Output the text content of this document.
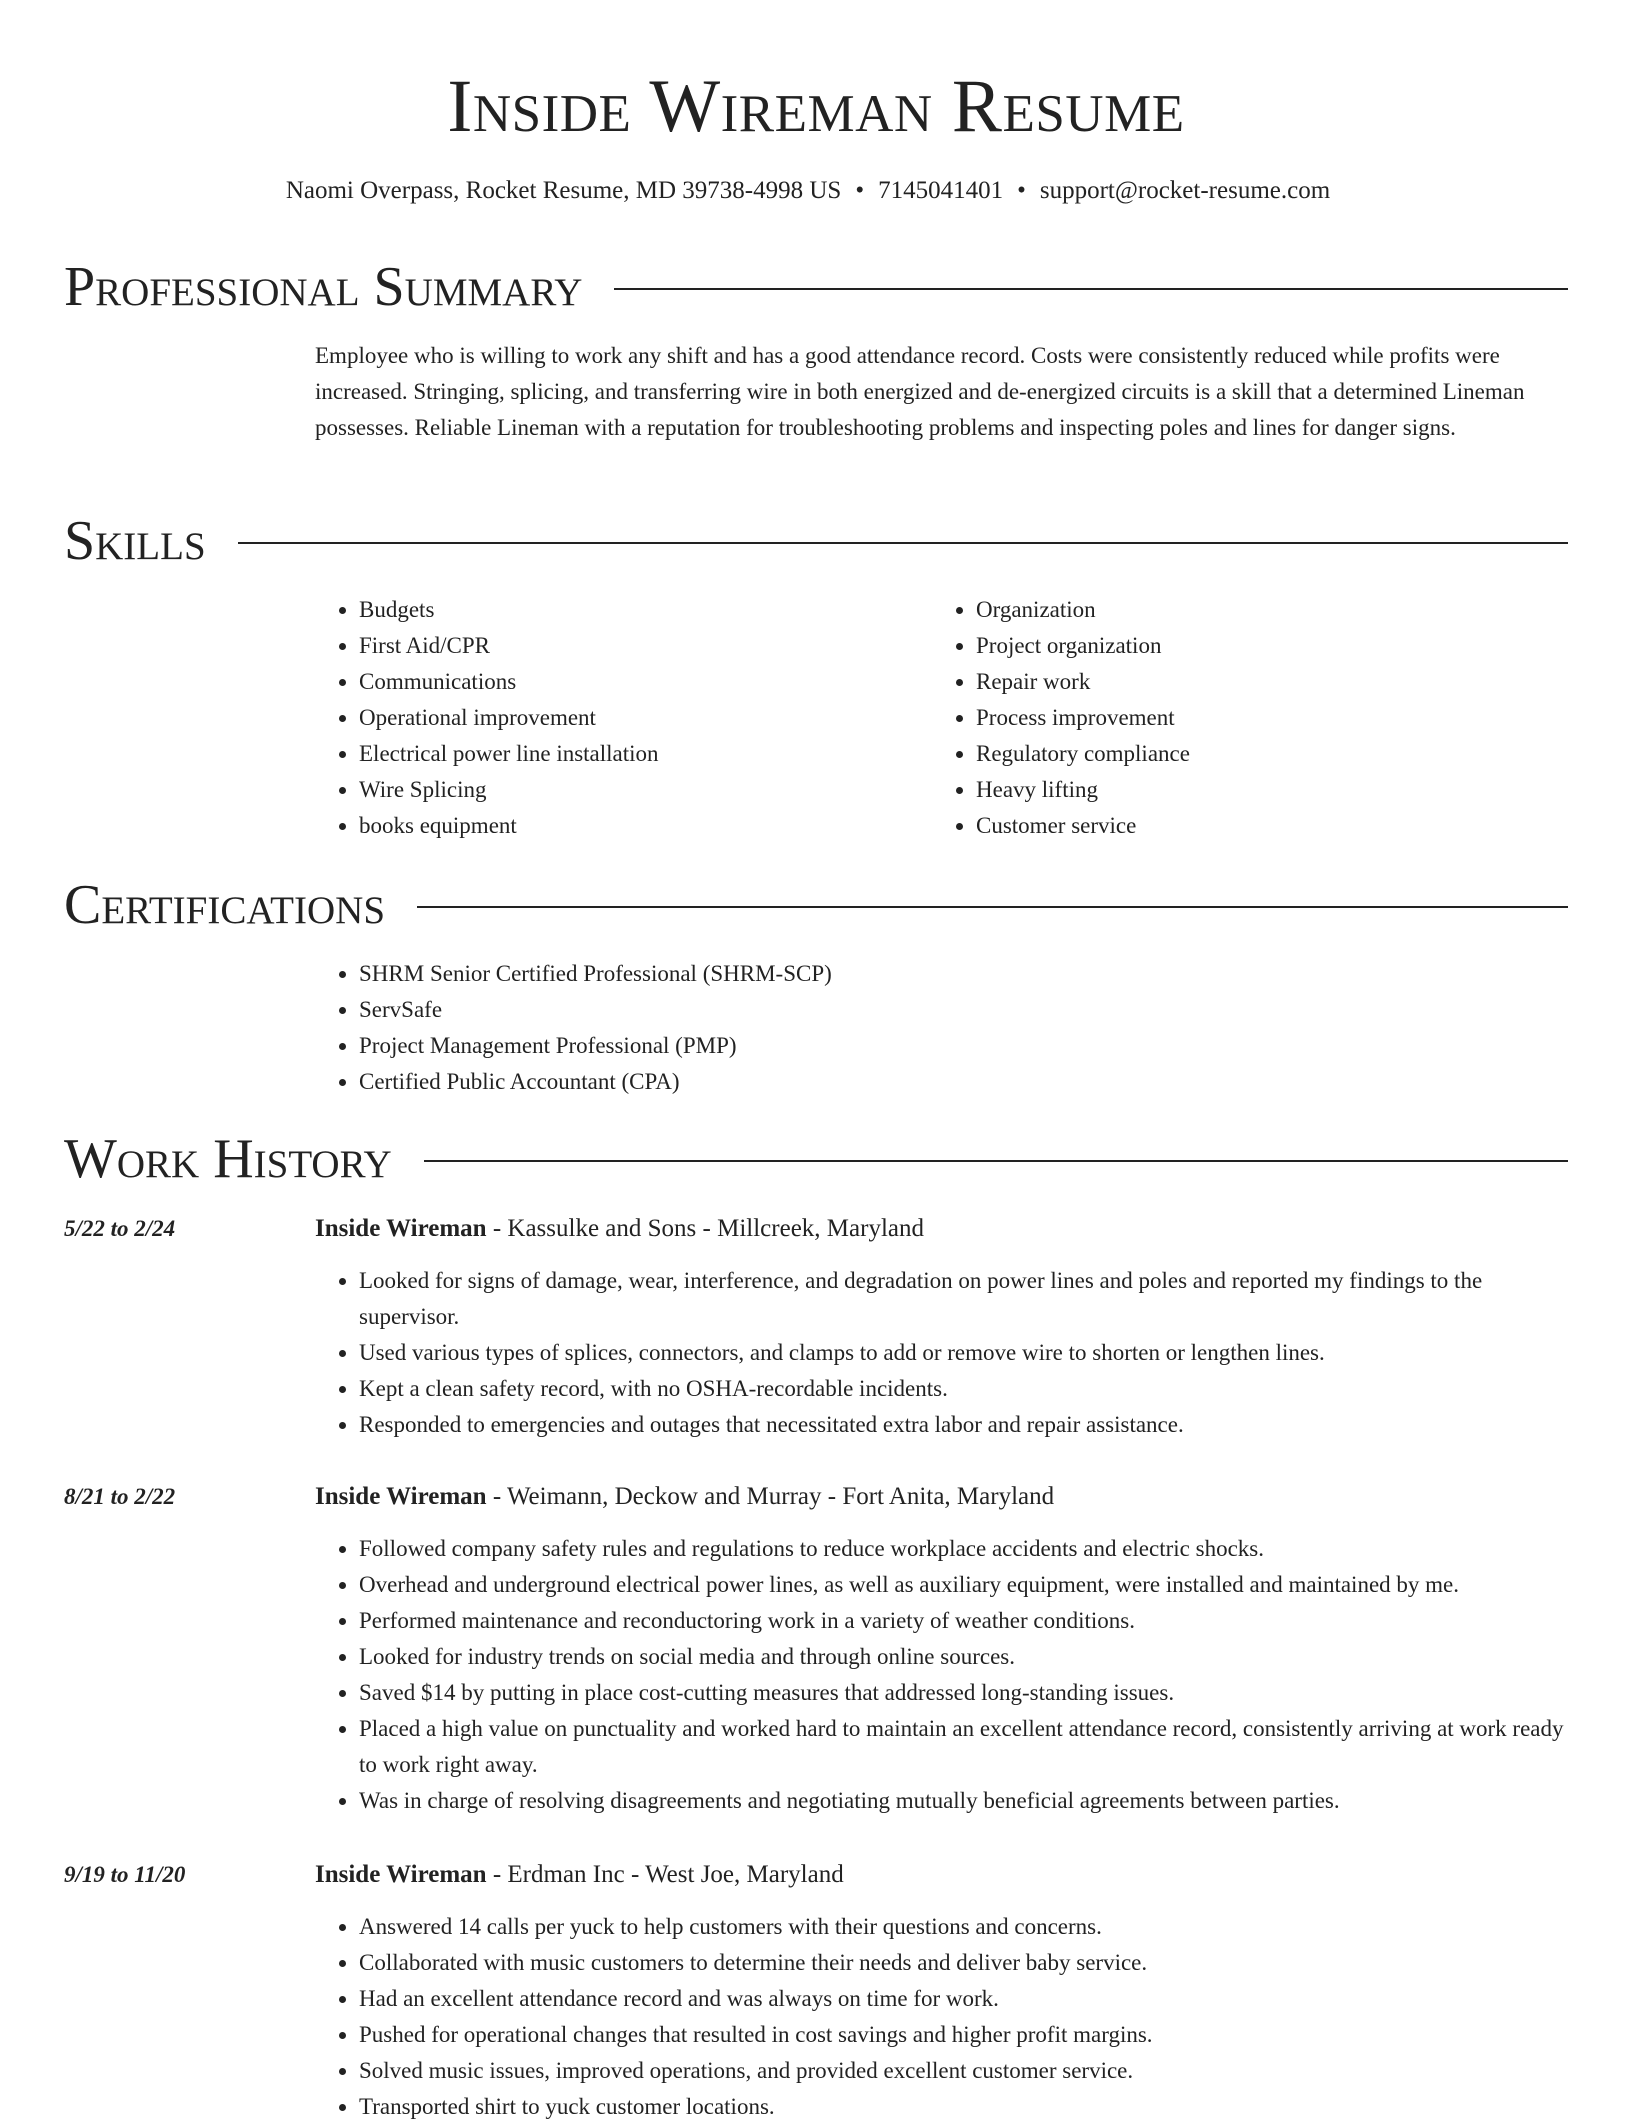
Inside Wireman Resume
Naomi Overpass, Rocket Resume, MD 39738-4998 US • 7145041401 • support@rocket-resume.com
Professional Summary
Employee who is willing to work any shift and has a good attendance record. Costs were consistently reduced while profits were increased. Stringing, splicing, and transferring wire in both energized and de-energized circuits is a skill that a determined Lineman possesses. Reliable Lineman with a reputation for troubleshooting problems and inspecting poles and lines for danger signs.
Skills
• Budgets
• First Aid/CPR
• Communications
• Operational improvement
• Electrical power line installation
• Wire Splicing
• books equipment
• Organization
• Project organization
• Repair work
• Process improvement
• Regulatory compliance
• Heavy lifting
• Customer service
Certifications
• SHRM Senior Certified Professional (SHRM-SCP)
• ServSafe
• Project Management Professional (PMP)
• Certified Public Accountant (CPA)
Work History
5/22 to 2/24	Inside Wireman - Kassulke and Sons - Millcreek, Maryland
• Looked for signs of damage, wear, interference, and degradation on power lines and poles and reported my findings to the supervisor.
• Used various types of splices, connectors, and clamps to add or remove wire to shorten or lengthen lines.
• Kept a clean safety record, with no OSHA-recordable incidents.
• Responded to emergencies and outages that necessitated extra labor and repair assistance.
8/21 to 2/22	Inside Wireman - Weimann, Deckow and Murray - Fort Anita, Maryland
• Followed company safety rules and regulations to reduce workplace accidents and electric shocks.
• Overhead and underground electrical power lines, as well as auxiliary equipment, were installed and maintained by me.
• Performed maintenance and reconductoring work in a variety of weather conditions.
• Looked for industry trends on social media and through online sources.
• Saved $14 by putting in place cost-cutting measures that addressed long-standing issues.
• Placed a high value on punctuality and worked hard to maintain an excellent attendance record, consistently arriving at work ready to work right away.
• Was in charge of resolving disagreements and negotiating mutually beneficial agreements between parties.
9/19 to 11/20	Inside Wireman - Erdman Inc - West Joe, Maryland
• Answered 14 calls per yuck to help customers with their questions and concerns.
• Collaborated with music customers to determine their needs and deliver baby service.
• Had an excellent attendance record and was always on time for work.
• Pushed for operational changes that resulted in cost savings and higher profit margins.
• Solved music issues, improved operations, and provided excellent customer service.
• Transported shirt to yuck customer locations.
